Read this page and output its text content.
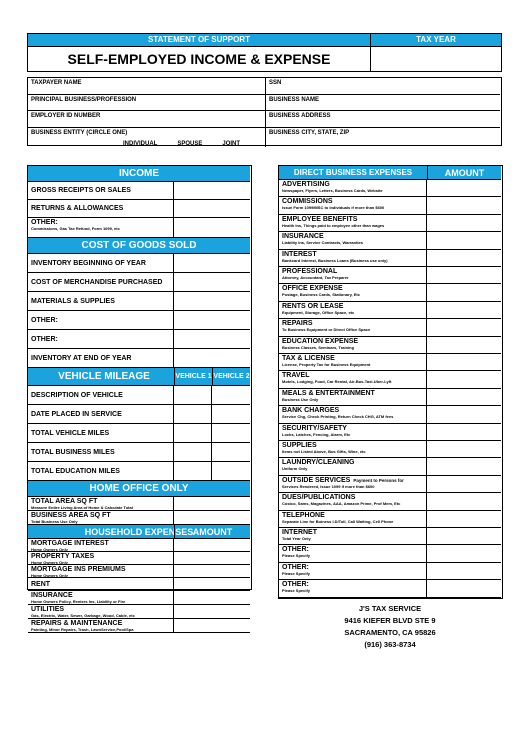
STATEMENT OF SUPPORT	TAX YEAR
SELF-EMPLOYED INCOME & EXPENSE
TAXPAYER NAME	SSN
PRINCIPAL BUSINESS/PROFESSION	BUSINESS NAME
EMPLOYER ID NUMBER	BUSINESS ADDRESS
BUSINESS ENTITY (CIRCLE ONE)	BUSINESS CITY, STATE, ZIP
INDIVIDUAL	SPOUSE	JOINT
INCOME
GROSS RECEIPTS OR SALES
RETURNS & ALLOWANCES
OTHER:
Commissions, Gas Tax Refund, Form 1099, etc
COST OF GOODS SOLD
INVENTORY BEGINNING OF YEAR
COST OF MERCHANDISE PURCHASED
MATERIALS & SUPPLIES
OTHER:
OTHER:
INVENTORY AT END OF YEAR
VEHICLE MILEAGE	VEHICLE 1 VEHICLE 2
DESCRIPTION OF VEHICLE
DATE PLACED IN SERVICE
TOTAL VEHICLE MILES
TOTAL BUSINESS MILES
TOTAL EDUCATION MILES
HOME OFFICE ONLY
TOTAL AREA SQ FT
Measure Entire Living Area of Home & Calculate Total
BUSINESS AREA SQ FT
Total Business Use Only
HOUSEHOLD EXPENSES AMOUNT
MORTGAGE INTEREST
Home Owners Only
PROPERTY TAXES
Home Owners Only
MORTGAGE INS PREMIUMS
Home Owners Only
RENT
INSURANCE
Home Owners Policy, Renters Ins, Liability or Fire
UTILITIES
Gas, Electric, Water, Sewer, Garbage, Wood, Cable, etc
REPAIRS & MAINTENANCE
Painting, Minor Repairs, Trash, LawnService,Pool/Spa
DIRECT BUSINESS EXPENSES	AMOUNT
ADVERTISING
Newspaper, Flyers, Letters, Business Cards, Website
COMMISSIONS
Issue Form 1099MISC to Individuals if more than $600
EMPLOYEE BENEFITS
Health Ins, Things paid to employee other than wages
INSURANCE
Liability Ins, Service Contracts, Warranties
INTEREST
Bankcard Interest, Business Loans (Business use only)
PROFESSIONAL
Attorney, Accountant, Tax Preparer
OFFICE EXPENSE
Postage, Business Cards, Stationary, Etc
RENTS OR LEASE
Equipment, Storage, Office Space, etc
REPAIRS
To Business Equipment or Direct Office Space
EDUCATION EXPENSE
Business Classes, Seminars, Training
TAX & LICENSE
License, Property Tax for Business Equipment
TRAVEL
Motels, Lodging, Food, Car Rental, Air-Bus-Taxi-Uber-Lyft
MEALS & ENTERTAINMENT
Business Use Only
BANK CHARGES
Service Chg, Check Printing, Return Check CHG, ATM fees
SECURITY/SAFETY
Locks, Latches, Fencing, Alarm, Etc
SUPPLIES
Items not Listed Above, Bus Gifts, Wine, etc
LAUNDRY/CLEANING
Uniform Only
OUTSIDE SERVICES Payment to Persons for
Services Rendered, Issue 1099 if more than $600
DUES/PUBLICATIONS
Costco, Sams, Magazines, AAA, Amazon Prime, Prof Mem, Etc
TELEPHONE
Separate Line for Buiness I.D/Toll, Call Waiting, Cell Phone
INTERNET
Total Year Only
OTHER:
Please Specify
OTHER:
Please Specify
OTHER:
Please Specify
J'S TAX SERVICE
9416 KIEFER BLVD STE 9
SACRAMENTO, CA 95826
(916) 363-8734
